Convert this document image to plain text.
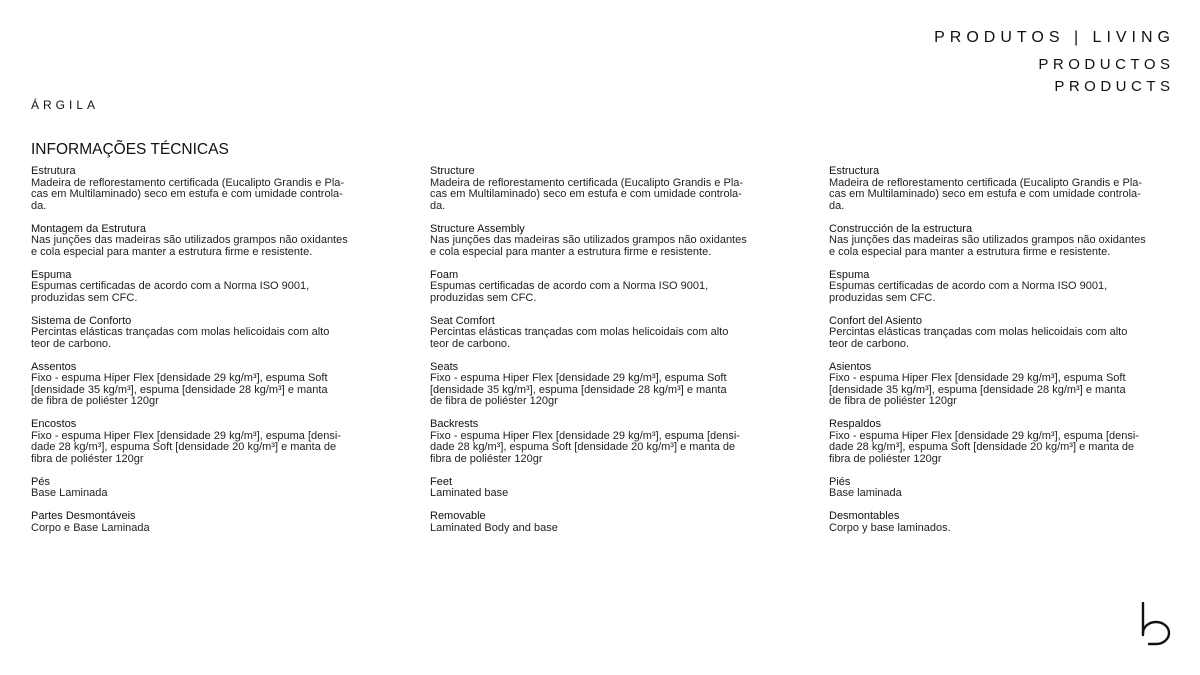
PRODUTOS | LIVING
PRODUCTOS
PRODUCTS
ÁRGILA
INFORMAÇÕES TÉCNICAS
Estrutura
Madeira de reflorestamento certificada (Eucalipto Grandis e Pla-
cas em Multilaminado) seco em estufa e com umidade controla-
da.
Montagem da Estrutura
Nas junções das madeiras são utilizados grampos não oxidantes
e cola especial para manter a estrutura firme e resistente.
Espuma
Espumas certificadas de acordo com a Norma ISO 9001,
produzidas sem CFC.
Sistema de Conforto
Percintas elásticas trançadas com molas helicoidais com alto
teor de carbono.
Assentos
Fixo - espuma Hiper Flex [densidade 29 kg/m³], espuma Soft
[densidade 35 kg/m³], espuma [densidade 28 kg/m³] e manta
de fibra de poliéster 120gr
Encostos
Fixo - espuma Hiper Flex [densidade 29 kg/m³], espuma [densi-
dade 28 kg/m³], espuma Soft [densidade 20 kg/m³] e manta de
fibra de poliéster 120gr
Pés
Base Laminada
Partes Desmontáveis
Corpo e Base Laminada
Structure
Madeira de reflorestamento certificada (Eucalipto Grandis e Pla-
cas em Multilaminado) seco em estufa e com umidade controla-
da.
Structure Assembly
Nas junções das madeiras são utilizados grampos não oxidantes
e cola especial para manter a estrutura firme e resistente.
Foam
Espumas certificadas de acordo com a Norma ISO 9001,
produzidas sem CFC.
Seat Comfort
Percintas elásticas trançadas com molas helicoidais com alto
teor de carbono.
Seats
Fixo - espuma Hiper Flex [densidade 29 kg/m³], espuma Soft
[densidade 35 kg/m³], espuma [densidade 28 kg/m³] e manta
de fibra de poliéster 120gr
Backrests
Fixo - espuma Hiper Flex [densidade 29 kg/m³], espuma [densi-
dade 28 kg/m³], espuma Soft [densidade 20 kg/m³] e manta de
fibra de poliéster 120gr
Feet
Laminated base
Removable
Laminated Body and base
Estructura
Madeira de reflorestamento certificada (Eucalipto Grandis e Pla-
cas em Multilaminado) seco em estufa e com umidade controla-
da.
Construcción de la estructura
Nas junções das madeiras são utilizados grampos não oxidantes
e cola especial para manter a estrutura firme e resistente.
Espuma
Espumas certificadas de acordo com a Norma ISO 9001,
produzidas sem CFC.
Confort del Asiento
Percintas elásticas trançadas com molas helicoidais com alto
teor de carbono.
Asientos
Fixo - espuma Hiper Flex [densidade 29 kg/m³], espuma Soft
[densidade 35 kg/m³], espuma [densidade 28 kg/m³] e manta
de fibra de poliéster 120gr
Respaldos
Fixo - espuma Hiper Flex [densidade 29 kg/m³], espuma [densi-
dade 28 kg/m³], espuma Soft [densidade 20 kg/m³] e manta de
fibra de poliéster 120gr
Piés
Base laminada
Desmontables
Corpo y base laminados.
